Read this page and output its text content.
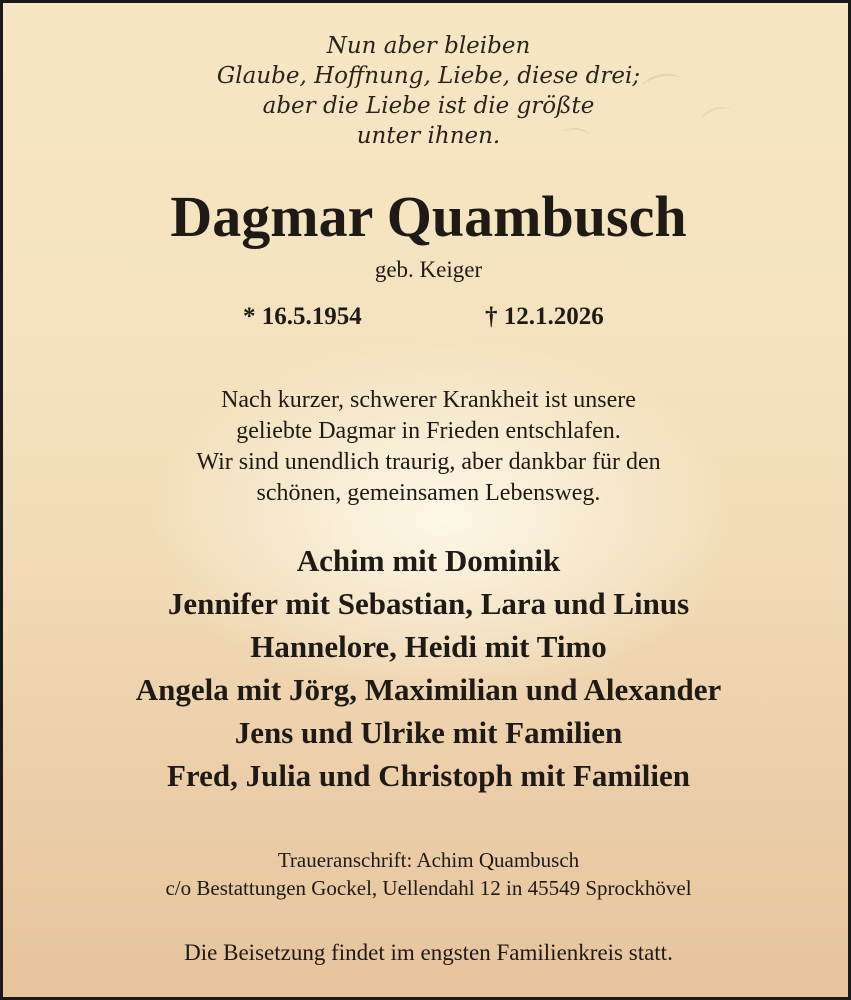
⌒
⌒
⌒
Nun aber bleiben
Glaube, Hoffnung, Liebe, diese drei;
aber die Liebe ist die größte
unter ihnen.
Dagmar Quambusch
geb. Keiger
* 16.5.1954	† 12.1.2026
Nach kurzer, schwerer Krankheit ist unsere
geliebte Dagmar in Frieden entschlafen.
Wir sind unendlich traurig, aber dankbar für den
schönen, gemeinsamen Lebensweg.
Achim mit Dominik
Jennifer mit Sebastian, Lara und Linus
Hannelore, Heidi mit Timo
Angela mit Jörg, Maximilian und Alexander
Jens und Ulrike mit Familien
Fred, Julia und Christoph mit Familien
Traueranschrift: Achim Quambusch
c/o Bestattungen Gockel, Uellendahl 12 in 45549 Sprockhövel
Die Beisetzung findet im engsten Familienkreis statt.
